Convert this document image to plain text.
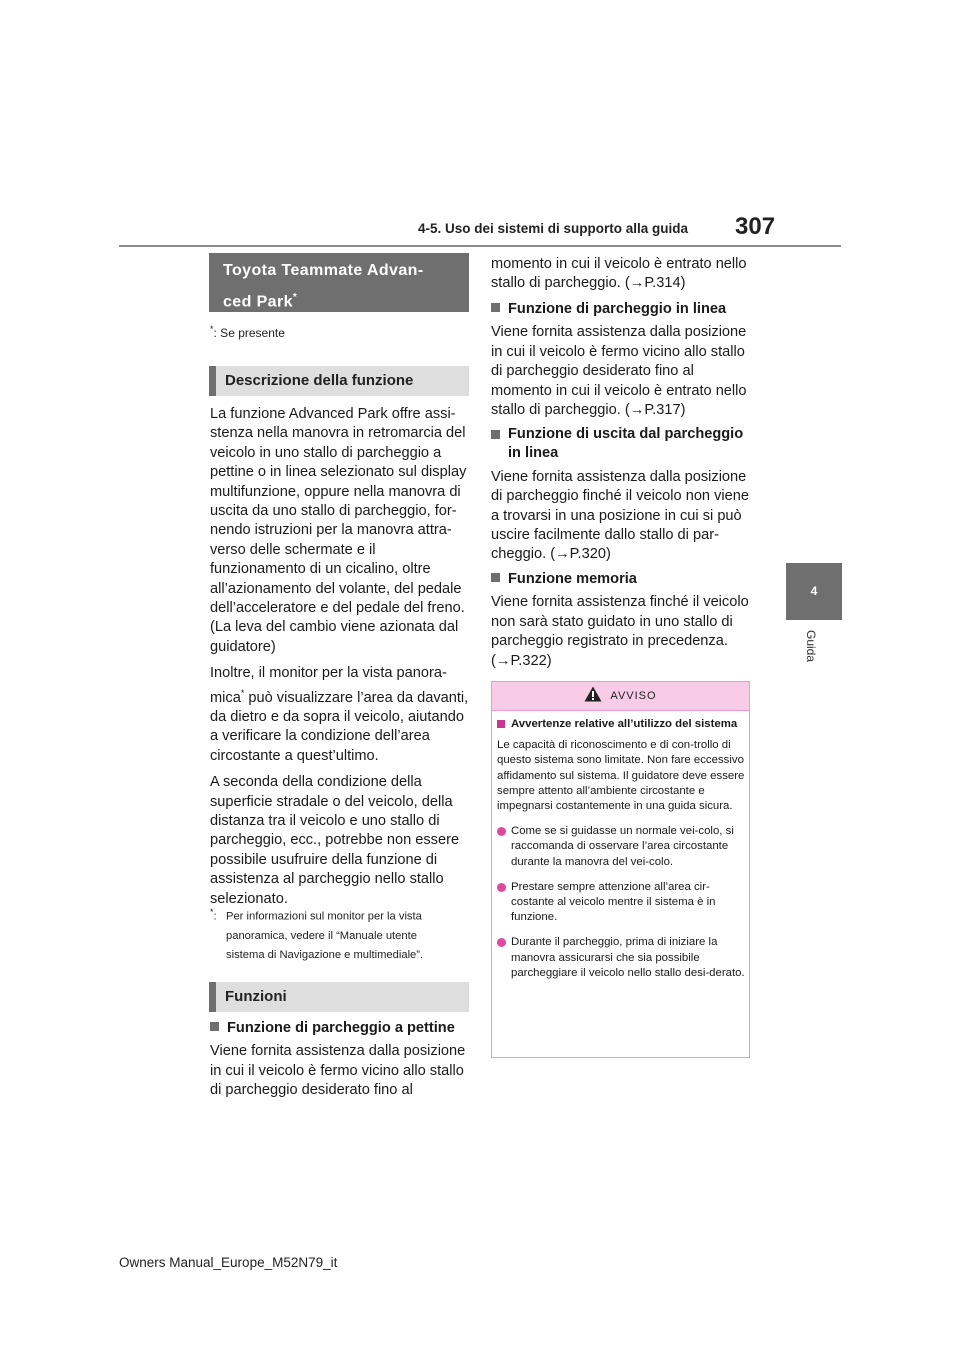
4-5. Uso dei sistemi di supporto alla guida 307
4
Guida
Toyota Teammate Advan-
ced Park*
*: Se presente
Descrizione della funzione

La funzione Advanced Park offre assi-stenza nella manovra in retromarcia del veicolo in uno stallo di parcheggio a pettine o in linea selezionato sul display multifunzione, oppure nella manovra di uscita da uno stallo di parcheggio, for-nendo istruzioni per la manovra attra-verso delle schermate e il funzionamento di un cicalino, oltre all’azionamento del volante, del pedale dell’acceleratore e del pedale del freno. (La leva del cambio viene azionata dal guidatore)

Inoltre, il monitor per la vista panora-
mica* può visualizzare l’area da davanti, da dietro e da sopra il veicolo, aiutando a verificare la condizione dell’area circostante a quest’ultimo.

A seconda della condizione della superficie stradale o del veicolo, della distanza tra il veicolo e uno stallo di parcheggio, ecc., potrebbe non essere possibile usufruire della funzione di assistenza al parcheggio nello stallo selezionato.

*: Per informazioni sul monitor per la vista
panoramica, vedere il “Manuale utente
sistema di Navigazione e multimediale”.
Funzioni
Funzione di parcheggio a pettine
Viene fornita assistenza dalla posizione in cui il veicolo è fermo vicino allo stallo di parcheggio desiderato fino al
momento in cui il veicolo è entrato nello stallo di parcheggio. (→P.314)
Funzione di parcheggio in linea
Viene fornita assistenza dalla posizione in cui il veicolo è fermo vicino allo stallo di parcheggio desiderato fino al momento in cui il veicolo è entrato nello stallo di parcheggio. (→P.317)
Funzione di uscita dal parcheggio in linea
Viene fornita assistenza dalla posizione di parcheggio finché il veicolo non viene a trovarsi in una posizione in cui si può uscire facilmente dallo stallo di par-cheggio. (→P.320)
Funzione memoria
Viene fornita assistenza finché il veicolo non sarà stato guidato in uno stallo di parcheggio registrato in precedenza. (→P.322)
AVVISO
Avvertenze relative all’utilizzo del sistema
Le capacità di riconoscimento e di con-trollo di questo sistema sono limitate. Non fare eccessivo affidamento sul sistema. Il guidatore deve essere sempre attento all’ambiente circostante e impegnarsi costantemente in una guida sicura.
Come se si guidasse un normale vei-colo, si raccomanda di osservare l’area circostante durante la manovra del vei-colo.
Prestare sempre attenzione all’area cir-costante al veicolo mentre il sistema è in funzione.
Durante il parcheggio, prima di iniziare la manovra assicurarsi che sia possibile parcheggiare il veicolo nello stallo desi-derato.
Owners Manual_Europe_M52N79_it
